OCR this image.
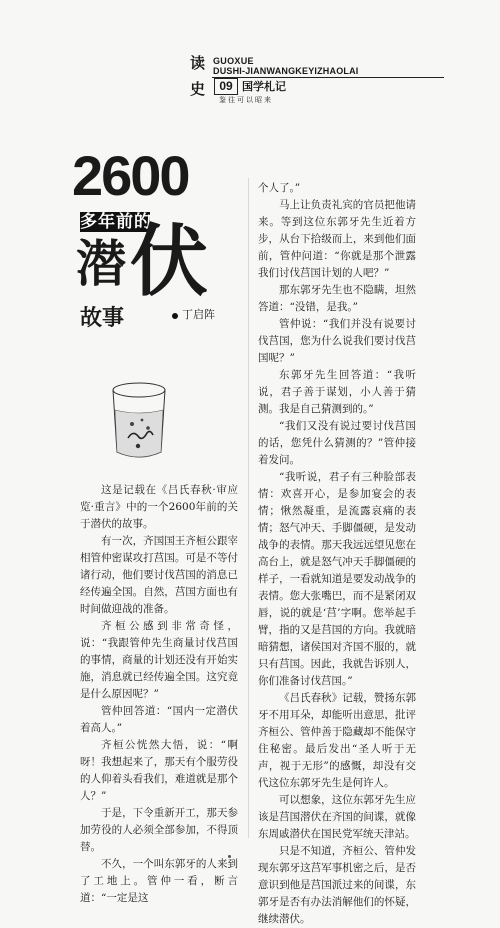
读
史
GUOXUE
DUSHI-JIANWANGKEYIZHAOLAI
09 国学札记
鉴往可以昭来
2600
多年前的
潜 伏
故事	丁启阵

这是记载在《吕氏春秋·审应览·重言》中的一个2600年前的关于潜伏的故事。

有一次，齐国国王齐桓公跟宰相管仲密谋攻打莒国。可是不等付诸行动，他们要讨伐莒国的消息已经传遍全国。自然，莒国方面也有时间做迎战的准备。

齐桓公感到非常奇怪，说：“我跟管仲先生商量讨伐莒国的事情，商量的计划还没有开始实施，消息就已经传遍全国。这究竟是什么原因呢？”

管仲回答道：“国内一定潜伏着高人。”

齐桓公恍然大悟，说：“啊呀！我想起来了，那天有个服劳役的人仰着头看我们，难道就是那个人？”

于是，下令重新开工，那天参加劳役的人必须全部参加，不得顶替。

不久，一个叫东郭牙的人来到了工地上。管仲一看，断言道：“一定是这

个人了。”

马上让负责礼宾的官员把他请来。等到这位东郭牙先生近着方步，从台下拾级而上，来到他们面前，管仲问道：“你就是那个泄露我们讨伐莒国计划的人吧？”

那东郭牙先生也不隐瞒，坦然答道：“没错，是我。”

管仲说：“我们并没有说要讨伐莒国，您为什么说我们要讨伐莒国呢？”

东郭牙先生回答道：“我听说，君子善于谋划，小人善于猜测。我是自己猜测到的。”

“我们又没有说过要讨伐莒国的话，您凭什么猜测的？”管仲接着发问。

“我听说，君子有三种脸部表情：欢喜开心，是参加宴会的表情；愀然凝重，是流露哀痛的表情；怒气冲天、手脚僵硬，是发动战争的表情。那天我远远望见您在高台上，就是怒气冲天手脚僵硬的样子，一看就知道是要发动战争的表情。您大张嘴巴，而不是紧闭双唇，说的就是‘莒’字啊。您举起手臂，指的又是莒国的方向。我就暗暗猜想，诸侯国对齐国不服的，就只有莒国。因此，我就告诉别人，你们准备讨伐莒国。”

《吕氏春秋》记载，赞扬东郭牙不用耳朵，却能听出意思，批评齐桓公、管仲善于隐藏却不能保守住秘密。最后发出“圣人听于无声，视于无形”的感慨，却没有交代这位东郭牙先生是何许人。

可以想象，这位东郭牙先生应该是莒国潜伏在齐国的间谍，就像东周戚潜伏在国民党军统天津站。

只是不知道，齐桓公、管仲发现东郭牙这莒军事机密之后，是否意识到他是莒国派过来的间谍，东郭牙是否有办法消解他们的怀疑，继续潜伏。
